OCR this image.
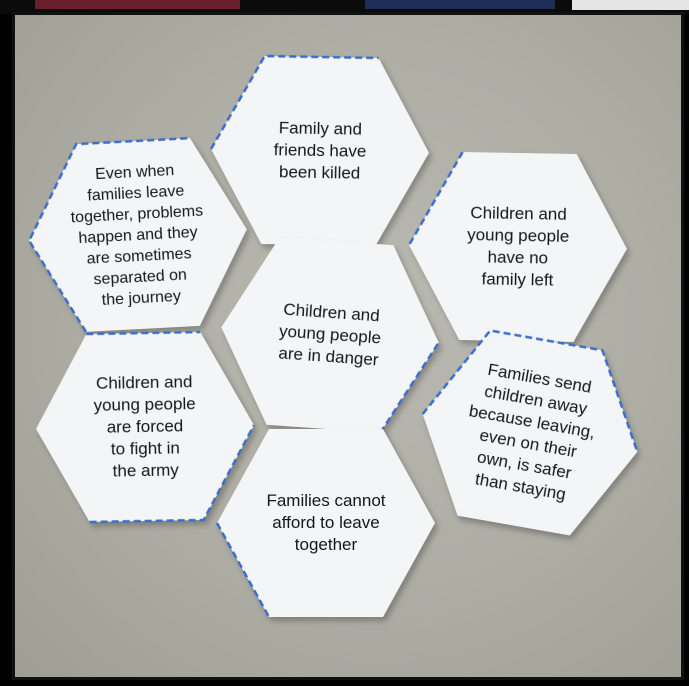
Family and
friends have
been killed
Even when
families leave
together, problems
happen and they
are sometimes
separated on
the journey
Children and
young people
have no
family left
Children and
young people
are in danger
Children and
young people
are forced
to fight in
the army
Families send
children away
because leaving,
even on their
own, is safer
than staying
Families cannot
afford to leave
together
